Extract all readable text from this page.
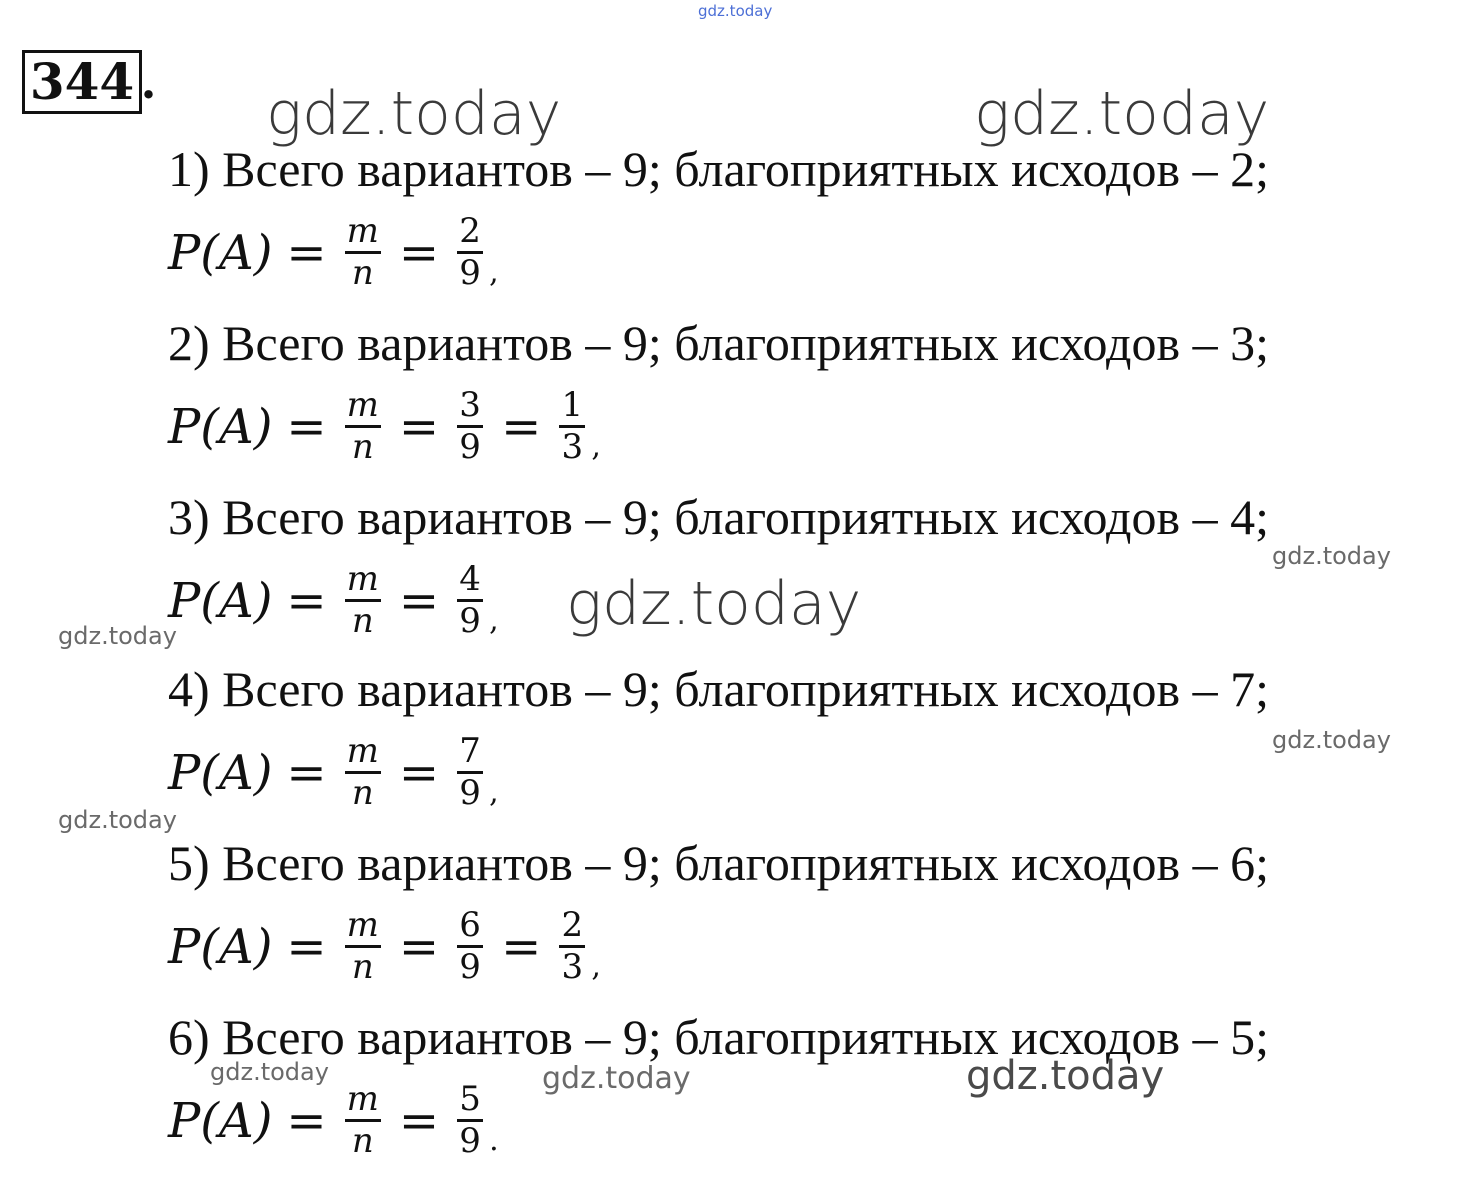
gdz.today
344 . gdz.today	gdz.today
1) Всего вариантов – 9; благоприятных исходов – 2;
$P(A) = \frac{m}{n} = \frac{2}{9}$ ,
2) Всего вариантов – 9; благоприятных исходов – 3;
$P(A) = \frac{m}{n} = \frac{3}{9} = \frac{1}{3}$ ,
3) Всего вариантов – 9; благоприятных исходов – 4;
$P(A) = \frac{m}{n} = \frac{4}{9}$ ,
4) Всего вариантов – 9; благоприятных исходов – 7;
$P(A) = \frac{m}{n} = \frac{7}{9}$ ,
5) Всего вариантов – 9; благоприятных исходов – 6;
$P(A) = \frac{m}{n} = \frac{6}{9} = \frac{2}{3}$ ,
6) Всего вариантов – 9; благоприятных исходов – 5;
$P(A) = \frac{m}{n} = \frac{5}{9}$ .
gdz.today
gdz.today
gdz.today
gdz.today
gdz.today
gdz.today	gdz.today	gdz.today
